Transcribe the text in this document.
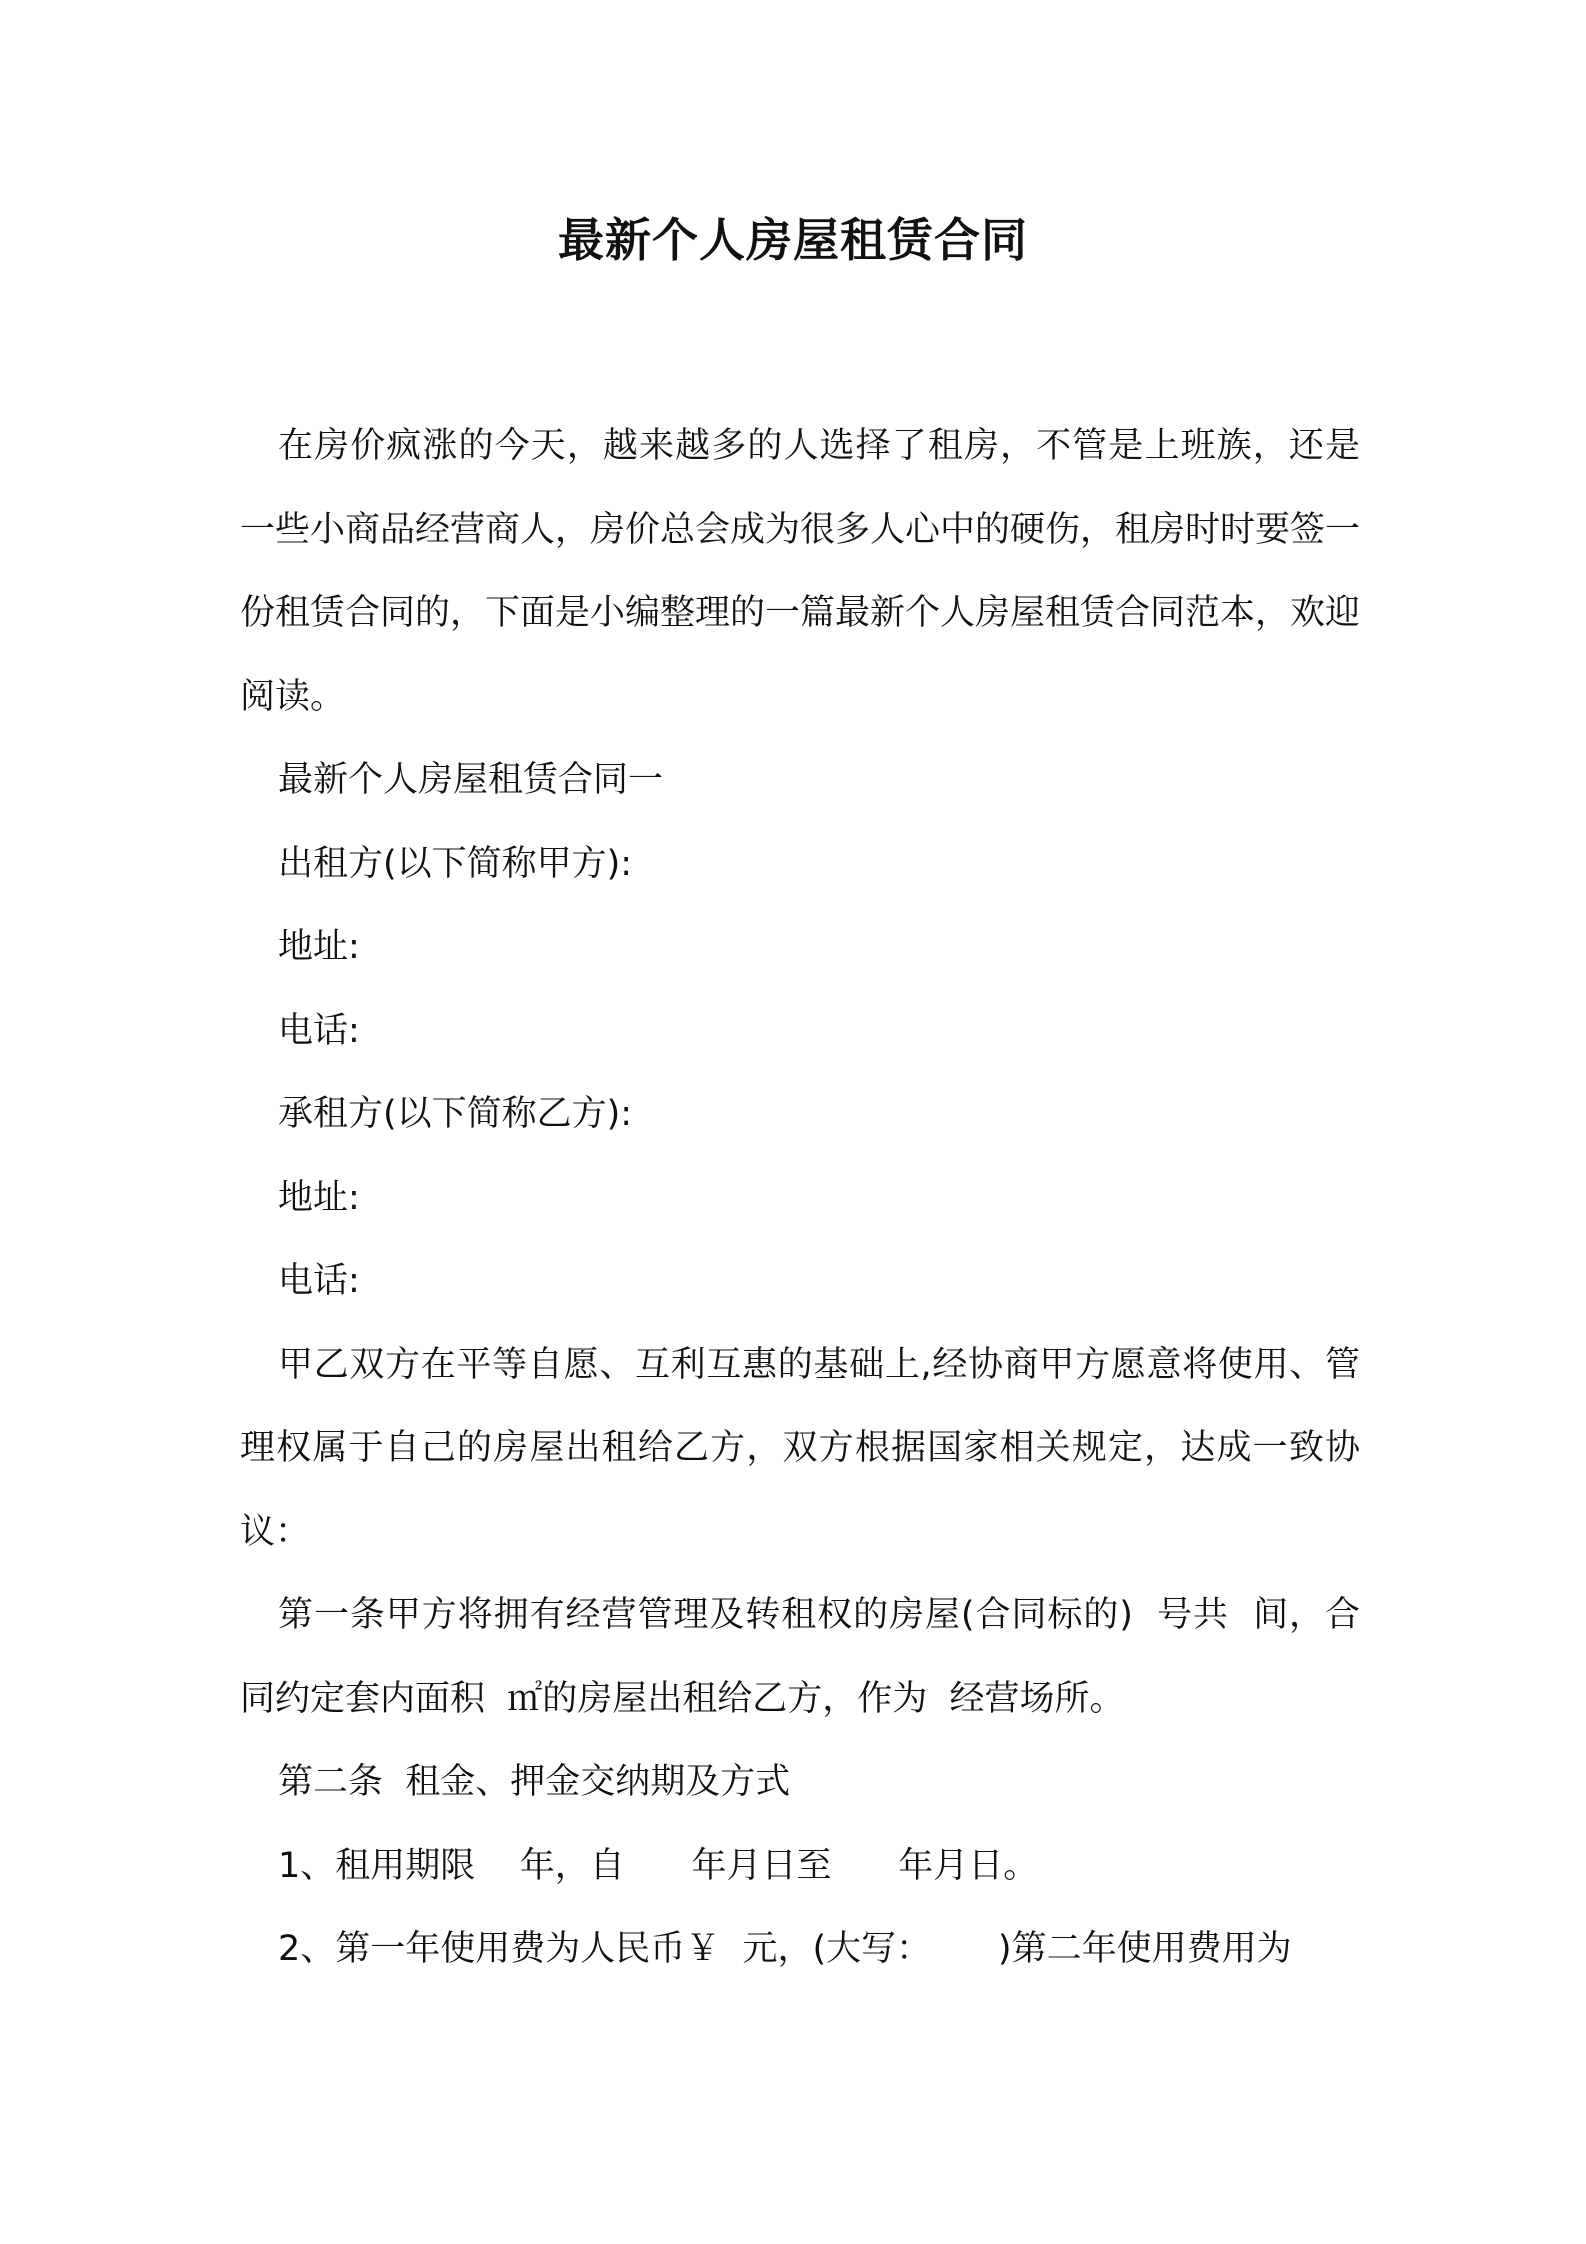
最新个人房屋租赁合同

在房价疯涨的今天，越来越多的人选择了租房，不管是上班族，还是一些小商品经营商人，房价总会成为很多人心中的硬伤，租房时时要签一份租赁合同的，下面是小编整理的一篇最新个人房屋租赁合同范本，欢迎阅读。

最新个人房屋租赁合同一

出租方(以下简称甲方):

地址:

电话:

承租方(以下简称乙方):

地址:

电话:

甲乙双方在平等自愿、互利互惠的基础上,经协商甲方愿意将使用、管理权属于自己的房屋出租给乙方，双方根据国家相关规定，达成一致协议：

第一条甲方将拥有经营管理及转租权的房屋(合同标的)  号共  间，合同约定套内面积  ㎡的房屋出租给乙方，作为  经营场所。

第二条  租金、押金交纳期及方式

1、租用期限    年，自      年月日至      年月日。

2、第一年使用费为人民币￥  元，(大写：      )第二年使用费用为
